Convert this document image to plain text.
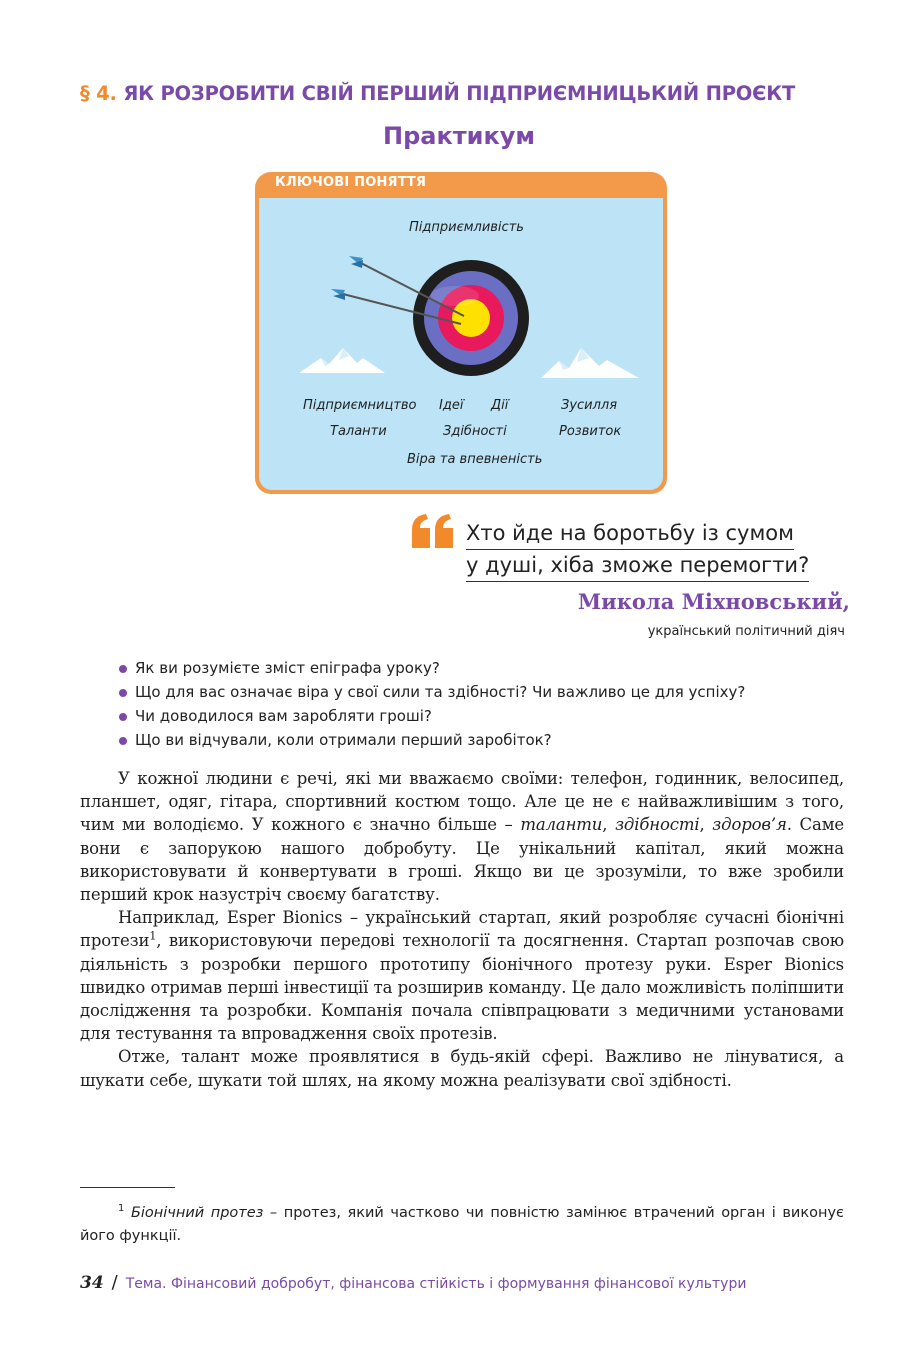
§ 4. ЯК РОЗРОБИТИ СВІЙ ПЕРШИЙ ПІДПРИЄМНИЦЬКИЙ ПРОЄКТ
Практикум
КЛЮЧОВІ ПОНЯТТЯ
Підприємливість
Підприємництво Ідеї Дії	Зусилля
Таланти	Здібності	Розвиток
Віра та впевненість
Хто йде на боротьбу із сумом
у душі, хіба зможе перемогти?
Микола Міхновський,
український політичний діяч
Як ви розумієте зміст епіграфа уроку?
Що для вас означає віра у свої сили та здібності? Чи важливо це для успіху?
Чи доводилося вам заробляти гроші?
Що ви відчували, коли отримали перший заробіток?

У кожної людини є речі, які ми вважаємо своїми: телефон, годинник, велосипед, планшет, одяг, гітара, спортивний костюм тощо. Але це не є найважливішим з того, чим ми володіємо. У кожного є значно більше – таланти, здібності, здоров’я. Саме вони є запорукою нашого добробуту. Це унікальний капітал, який можна використовувати й конвертувати в гроші. Якщо ви це зрозуміли, то вже зробили перший крок назустріч своєму багатству.

Наприклад, Esper Bionics – український стартап, який розробляє сучасні біонічні протези$^1$, використовуючи передові технології та досягнення. Стартап розпочав свою діяльність з розробки першого прототипу біонічного протезу руки. Esper Bionics швидко отримав перші інвестиції та розширив команду. Це дало можливість поліпшити дослідження та розробки. Компанія почала співпрацювати з медичними установами для тестування та впровадження своїх протезів.

Отже, талант може проявлятися в будь-якій сфері. Важливо не лінуватися, а шукати себе, шукати той шлях, на якому можна реалізувати свої здібності.

$^1$ Біонічний протез – протез, який частково чи повністю замінює втрачений орган і виконує його функції.
34 / Тема. Фінансовий добробут, фінансова стійкість і формування фінансової культури
